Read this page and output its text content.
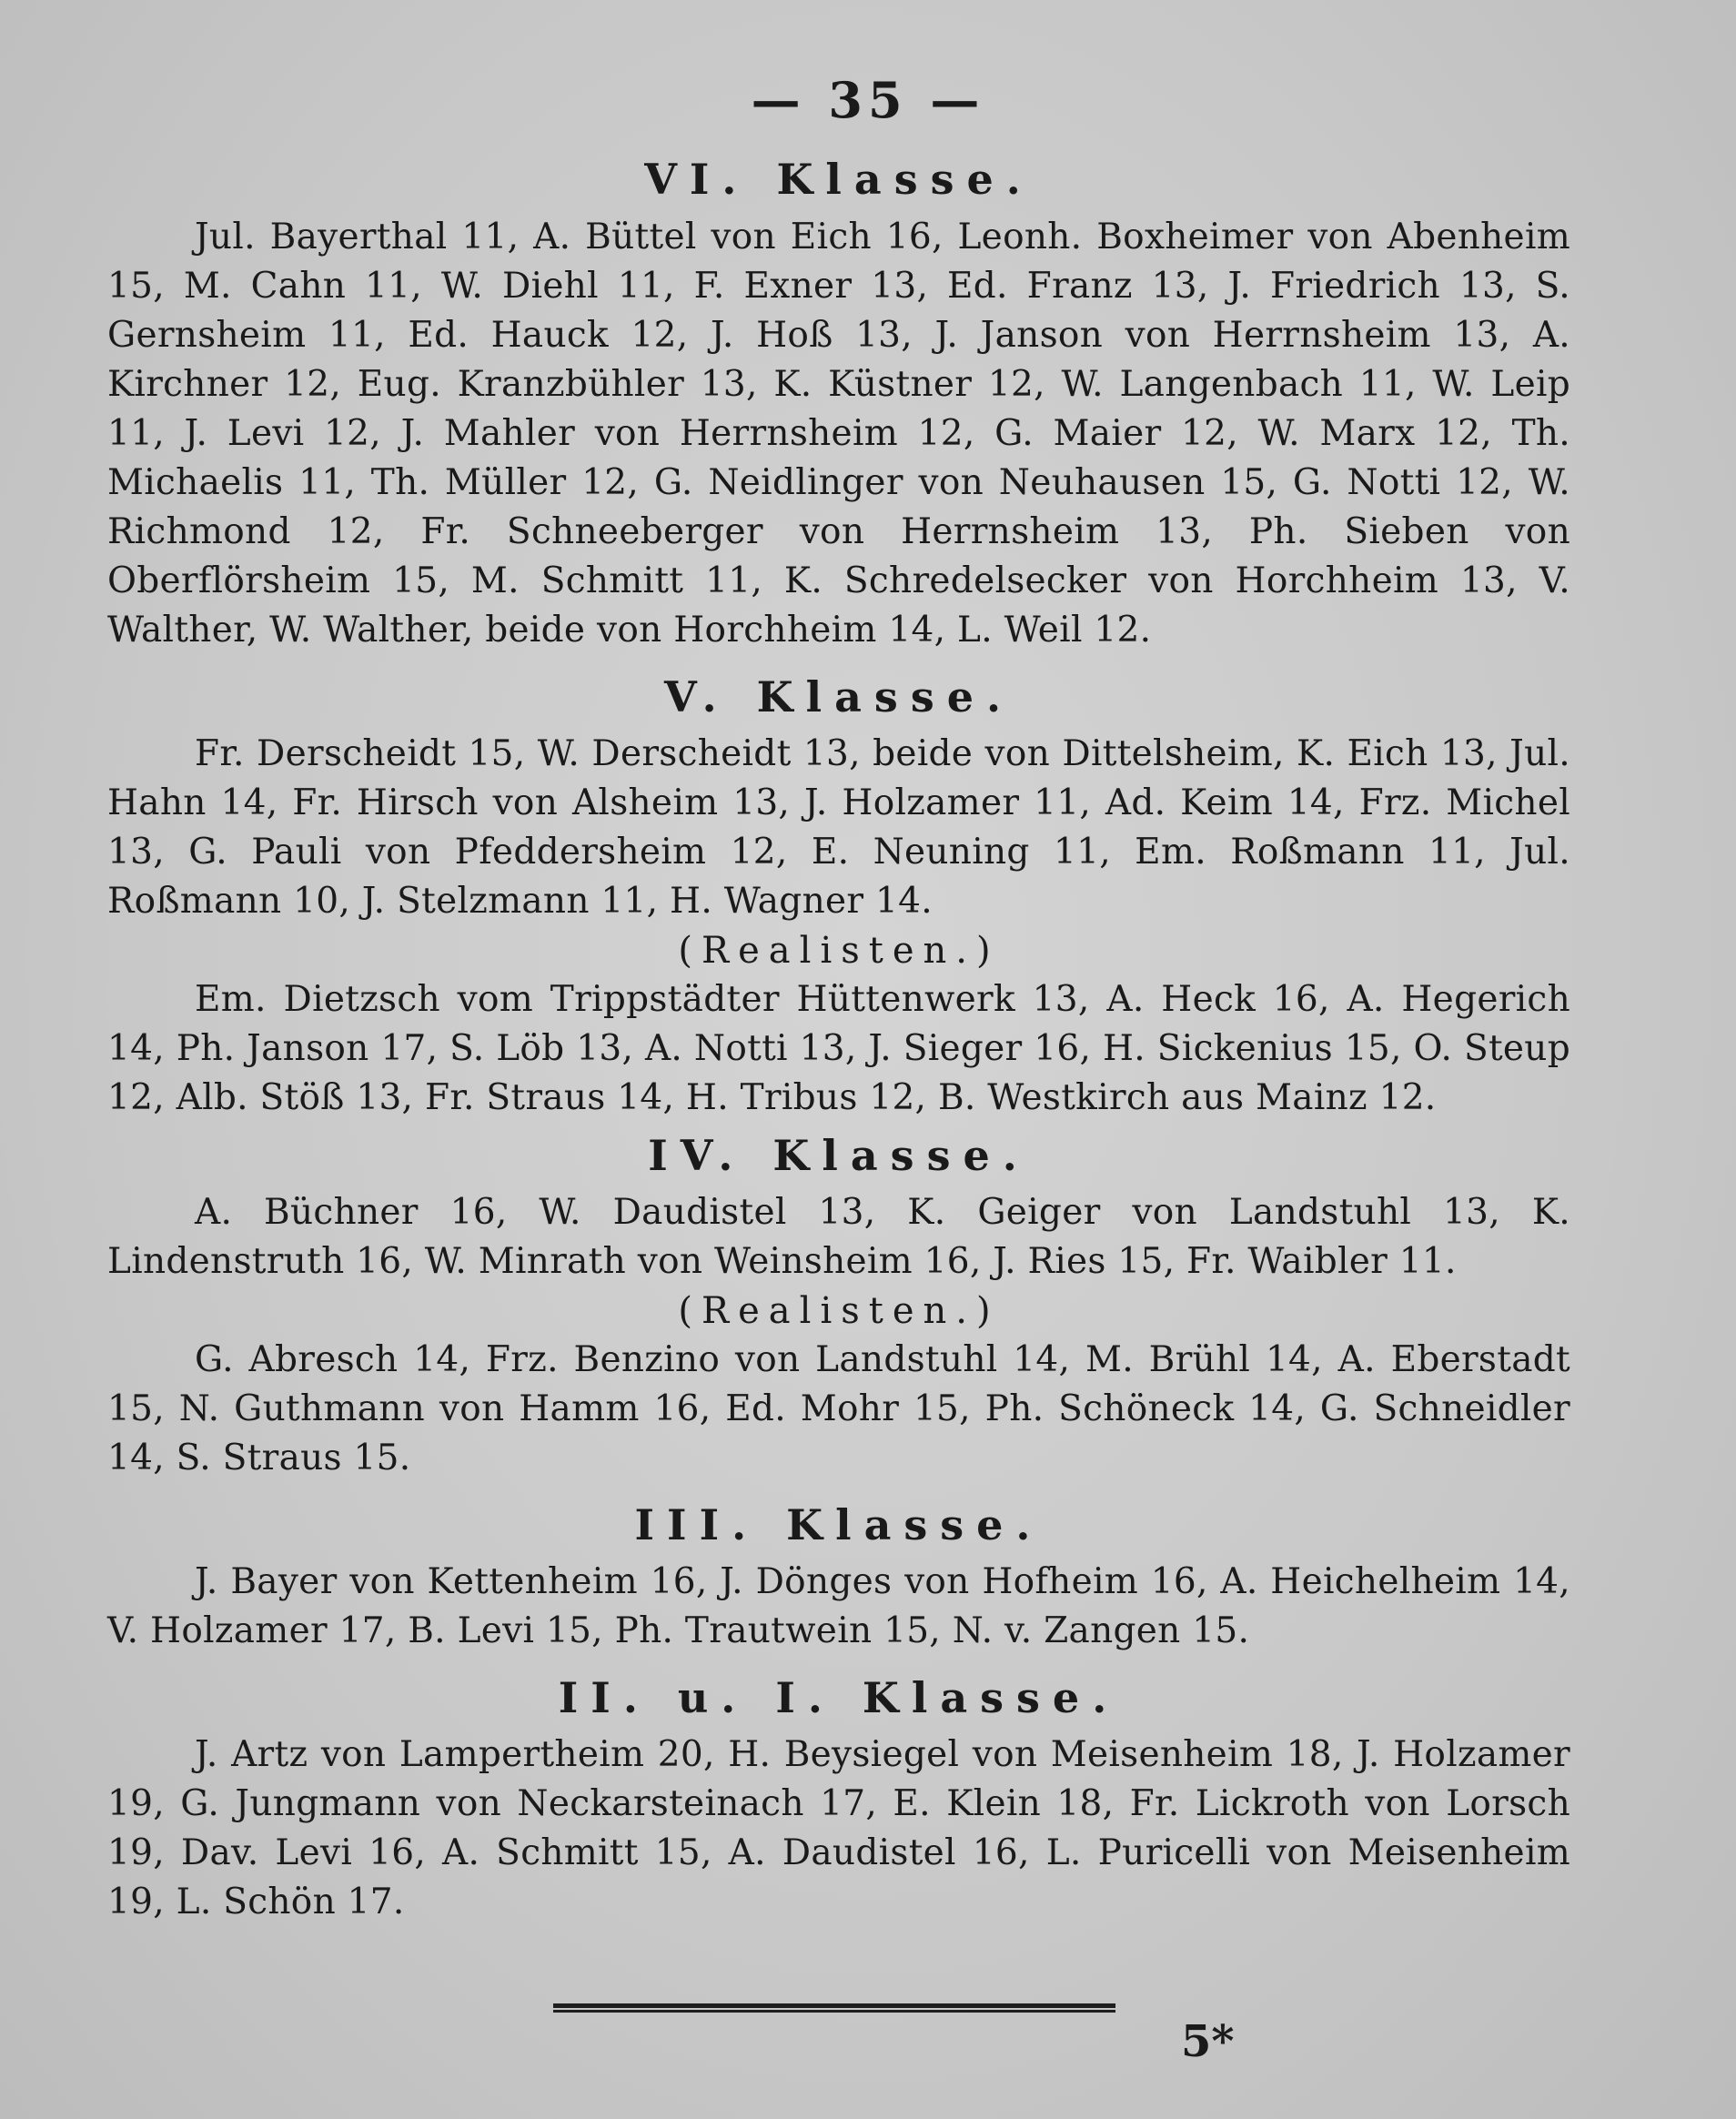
— 35 —
VI. Klasse.

Jul. Bayerthal 11, A. Büttel von Eich 16, Leonh. Boxheimer von Abenheim 15, M. Cahn 11, W. Diehl 11, F. Exner 13, Ed. Franz 13, J. Friedrich 13, S. Gernsheim 11, Ed. Hauck 12, J. Hoß 13, J. Janson von Herrnsheim 13, A. Kirchner 12, Eug. Kranzbühler 13, K. Küstner 12, W. Langenbach 11, W. Leip 11, J. Levi 12, J. Mahler von Herrnsheim 12, G. Maier 12, W. Marx 12, Th. Michaelis 11, Th. Müller 12, G. Neidlinger von Neuhausen 15, G. Notti 12, W. Richmond 12, Fr. Schneeberger von Herrnsheim 13, Ph. Sieben von Oberflörsheim 15, M. Schmitt 11, K. Schredelsecker von Horchheim 13, V. Walther, W. Walther, beide von Horchheim 14, L. Weil 12.

V. Klasse.

Fr. Derscheidt 15, W. Derscheidt 13, beide von Dittelsheim, K. Eich 13, Jul. Hahn 14, Fr. Hirsch von Alsheim 13, J. Holzamer 11, Ad. Keim 14, Frz. Michel 13, G. Pauli von Pfeddersheim 12, E. Neuning 11, Em. Roßmann 11, Jul. Roßmann 10, J. Stelzmann 11, H. Wagner 14.

(Realisten.)

Em. Dietzsch vom Trippstädter Hüttenwerk 13, A. Heck 16, A. Hegerich 14, Ph. Janson 17, S. Löb 13, A. Notti 13, J. Sieger 16, H. Sickenius 15, O. Steup 12, Alb. Stöß 13, Fr. Straus 14, H. Tribus 12, B. Westkirch aus Mainz 12.

IV. Klasse.

A. Büchner 16, W. Daudistel 13, K. Geiger von Landstuhl 13, K. Lindenstruth 16, W. Minrath von Weinsheim 16, J. Ries 15, Fr. Waibler 11.

(Realisten.)

G. Abresch 14, Frz. Benzino von Landstuhl 14, M. Brühl 14, A. Eberstadt 15, N. Guthmann von Hamm 16, Ed. Mohr 15, Ph. Schöneck 14, G. Schneidler 14, S. Straus 15.

III. Klasse.

J. Bayer von Kettenheim 16, J. Dönges von Hofheim 16, A. Heichelheim 14, V. Holzamer 17, B. Levi 15, Ph. Trautwein 15, N. v. Zangen 15.

II. u. I. Klasse.

J. Artz von Lampertheim 20, H. Beysiegel von Meisenheim 18, J. Holzamer 19, G. Jungmann von Neckarsteinach 17, E. Klein 18, Fr. Lickroth von Lorsch 19, Dav. Levi 16, A. Schmitt 15, A. Daudistel 16, L. Puricelli von Meisenheim 19, L. Schön 17.

5*
